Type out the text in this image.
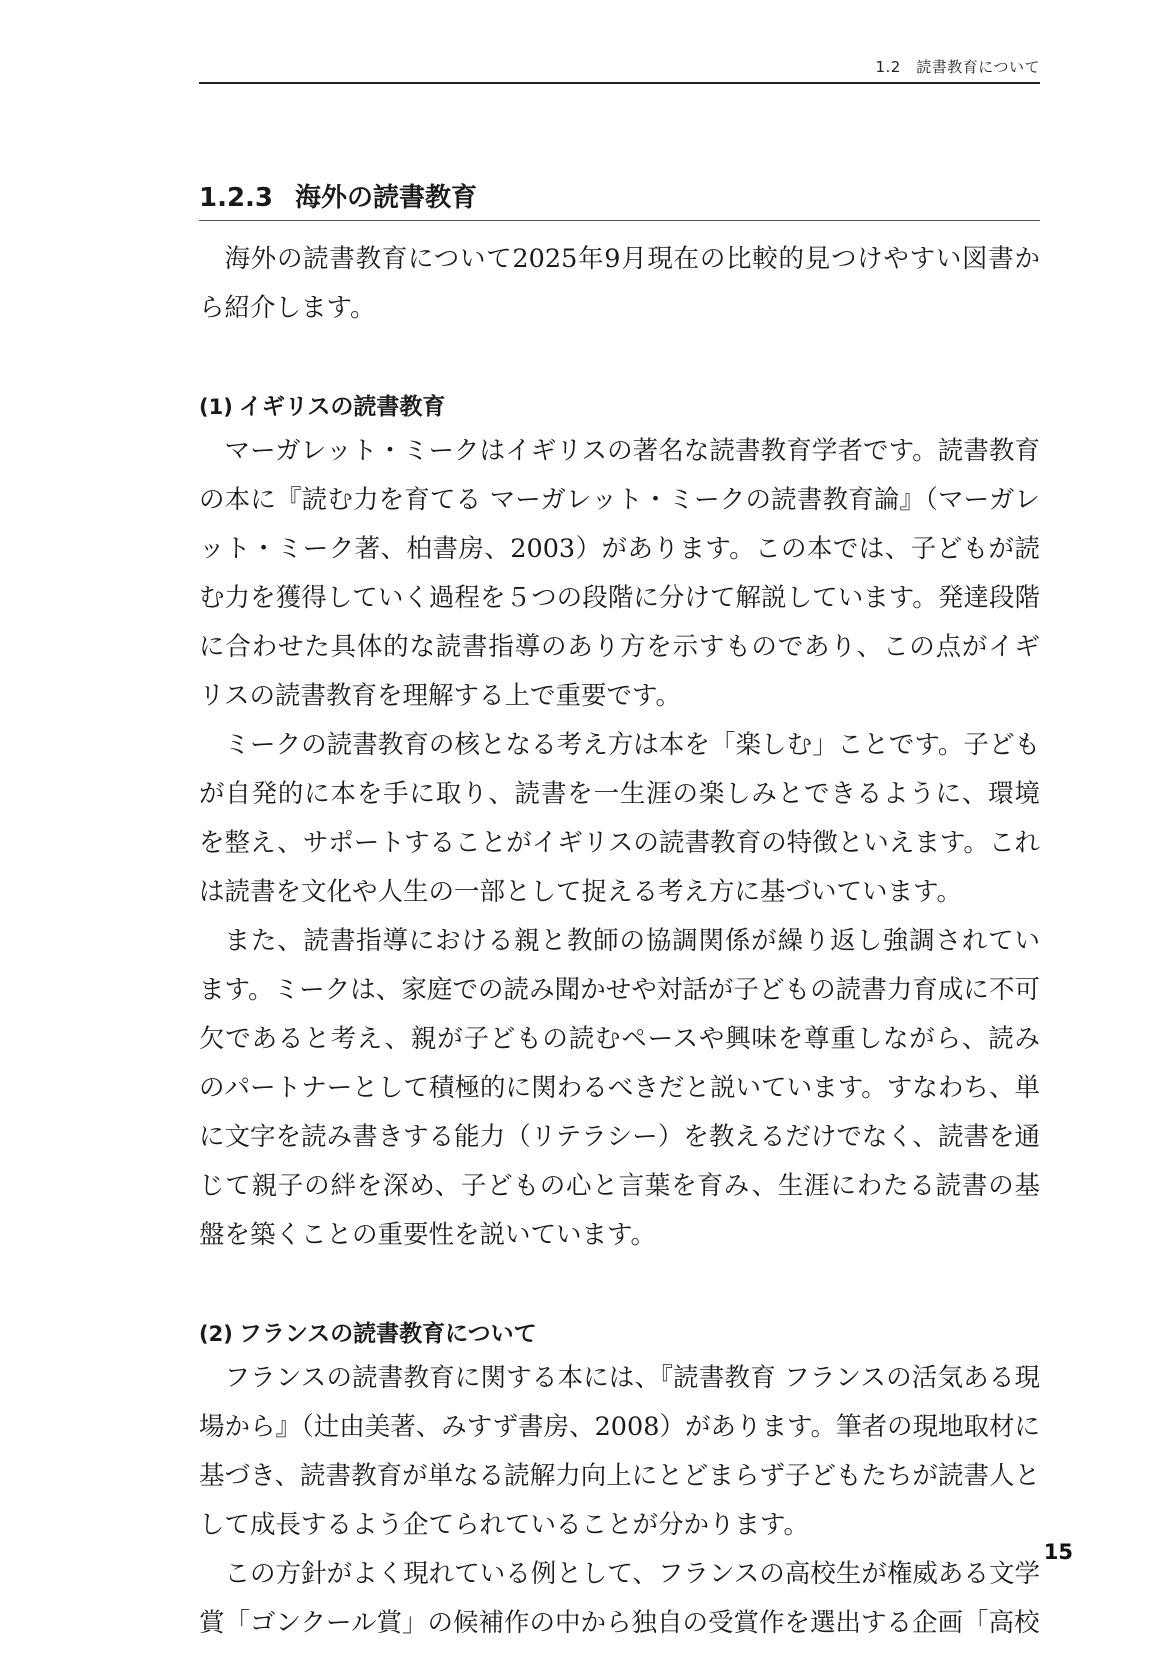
1.2　読書教育について
1.2.3 海外の読書教育

海外の読書教育について2025年9月現在の比較的見つけやすい図書から紹介します。

(1) イギリスの読書教育

マーガレット・ミークはイギリスの著名な読書教育学者です。読書教育の本に『読む力を育てる マーガレット・ミークの読書教育論』（マーガレット・ミーク著、柏書房、2003）があります。この本では、子どもが読む力を獲得していく過程を５つの段階に分けて解説しています。発達段階に合わせた具体的な読書指導のあり方を示すものであり、この点がイギリスの読書教育を理解する上で重要です。

ミークの読書教育の核となる考え方は本を「楽しむ」ことです。子どもが自発的に本を手に取り、読書を一生涯の楽しみとできるように、環境を整え、サポートすることがイギリスの読書教育の特徴といえます。これは読書を文化や人生の一部として捉える考え方に基づいています。

また、読書指導における親と教師の協調関係が繰り返し強調されています。ミークは、家庭での読み聞かせや対話が子どもの読書力育成に不可欠であると考え、親が子どもの読むペースや興味を尊重しながら、読みのパートナーとして積極的に関わるべきだと説いています。すなわち、単に文字を読み書きする能力（リテラシー）を教えるだけでなく、読書を通じて親子の絆を深め、子どもの心と言葉を育み、生涯にわたる読書の基盤を築くことの重要性を説いています。

(2) フランスの読書教育について

フランスの読書教育に関する本には、『読書教育 フランスの活気ある現場から』（辻由美著、みすず書房、2008）があります。筆者の現地取材に基づき、読書教育が単なる読解力向上にとどまらず子どもたちが読書人として成長するよう企てられていることが分かります。

この方針がよく現れている例として、フランスの高校生が権威ある文学賞「ゴンクール賞」の候補作の中から独自の受賞作を選出する企画「高校

15
